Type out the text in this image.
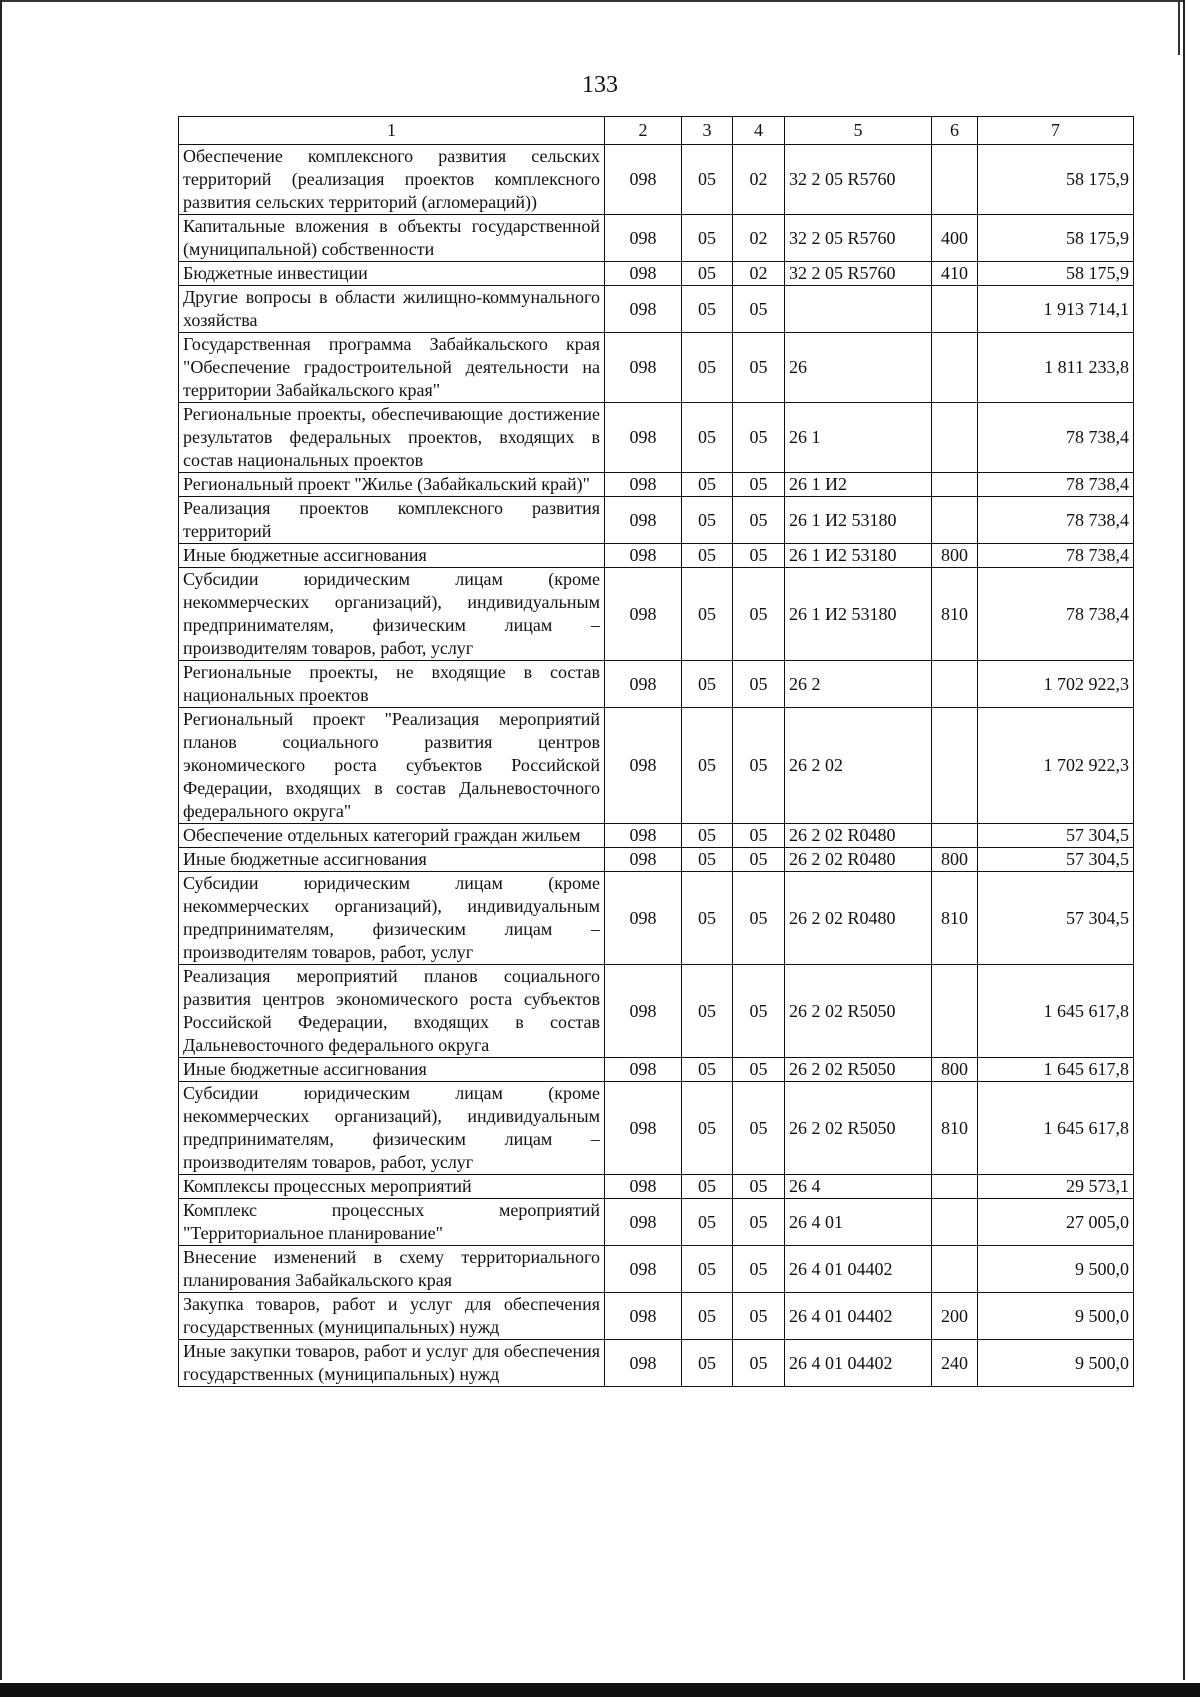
133
1	2	3	4	5	6	7
Обеспечение комплексного развития сельских территорий (реализация проектов комплексного развития сельских территорий (агломераций))	098	05	02	32 2 05 R5760		58 175,9
Капитальные вложения в объекты государственной (муниципальной) собственности	098	05	02	32 2 05 R5760	400	58 175,9
Бюджетные инвестиции	098	05	02	32 2 05 R5760	410	58 175,9
Другие вопросы в области жилищно-коммунального хозяйства	098	05	05			1 913 714,1
Государственная программа Забайкальского края "Обеспечение градостроительной деятельности на территории Забайкальского края"	098	05	05	26		1 811 233,8
Региональные проекты, обеспечивающие достижение результатов федеральных проектов, входящих в состав национальных проектов	098	05	05	26 1		78 738,4
Региональный проект "Жилье (Забайкальский край)"	098	05	05	26 1 И2		78 738,4
Реализация проектов комплексного развития территорий	098	05	05	26 1 И2 53180		78 738,4
Иные бюджетные ассигнования	098	05	05	26 1 И2 53180	800	78 738,4
Субсидии юридическим лицам (кроме некоммерческих организаций), индивидуальным предпринимателям, физическим лицам – производителям товаров, работ, услуг	098	05	05	26 1 И2 53180	810	78 738,4
Региональные проекты, не входящие в состав национальных проектов	098	05	05	26 2		1 702 922,3
Региональный проект "Реализация мероприятий планов социального развития центров экономического роста субъектов Российской Федерации, входящих в состав Дальневосточного федерального округа"	098	05	05	26 2 02		1 702 922,3
Обеспечение отдельных категорий граждан жильем	098	05	05	26 2 02 R0480		57 304,5
Иные бюджетные ассигнования	098	05	05	26 2 02 R0480	800	57 304,5
Субсидии юридическим лицам (кроме некоммерческих организаций), индивидуальным предпринимателям, физическим лицам – производителям товаров, работ, услуг	098	05	05	26 2 02 R0480	810	57 304,5
Реализация мероприятий планов социального развития центров экономического роста субъектов Российской Федерации, входящих в состав Дальневосточного федерального округа	098	05	05	26 2 02 R5050		1 645 617,8
Иные бюджетные ассигнования	098	05	05	26 2 02 R5050	800	1 645 617,8
Субсидии юридическим лицам (кроме некоммерческих организаций), индивидуальным предпринимателям, физическим лицам – производителям товаров, работ, услуг	098	05	05	26 2 02 R5050	810	1 645 617,8
Комплексы процессных мероприятий	098	05	05	26 4		29 573,1
Комплекс процессных мероприятий "Территориальное планирование"	098	05	05	26 4 01		27 005,0
Внесение изменений в схему территориального планирования Забайкальского края	098	05	05	26 4 01 04402		9 500,0
Закупка товаров, работ и услуг для обеспечения государственных (муниципальных) нужд	098	05	05	26 4 01 04402	200	9 500,0
Иные закупки товаров, работ и услуг для обеспечения государственных (муниципальных) нужд	098	05	05	26 4 01 04402	240	9 500,0
